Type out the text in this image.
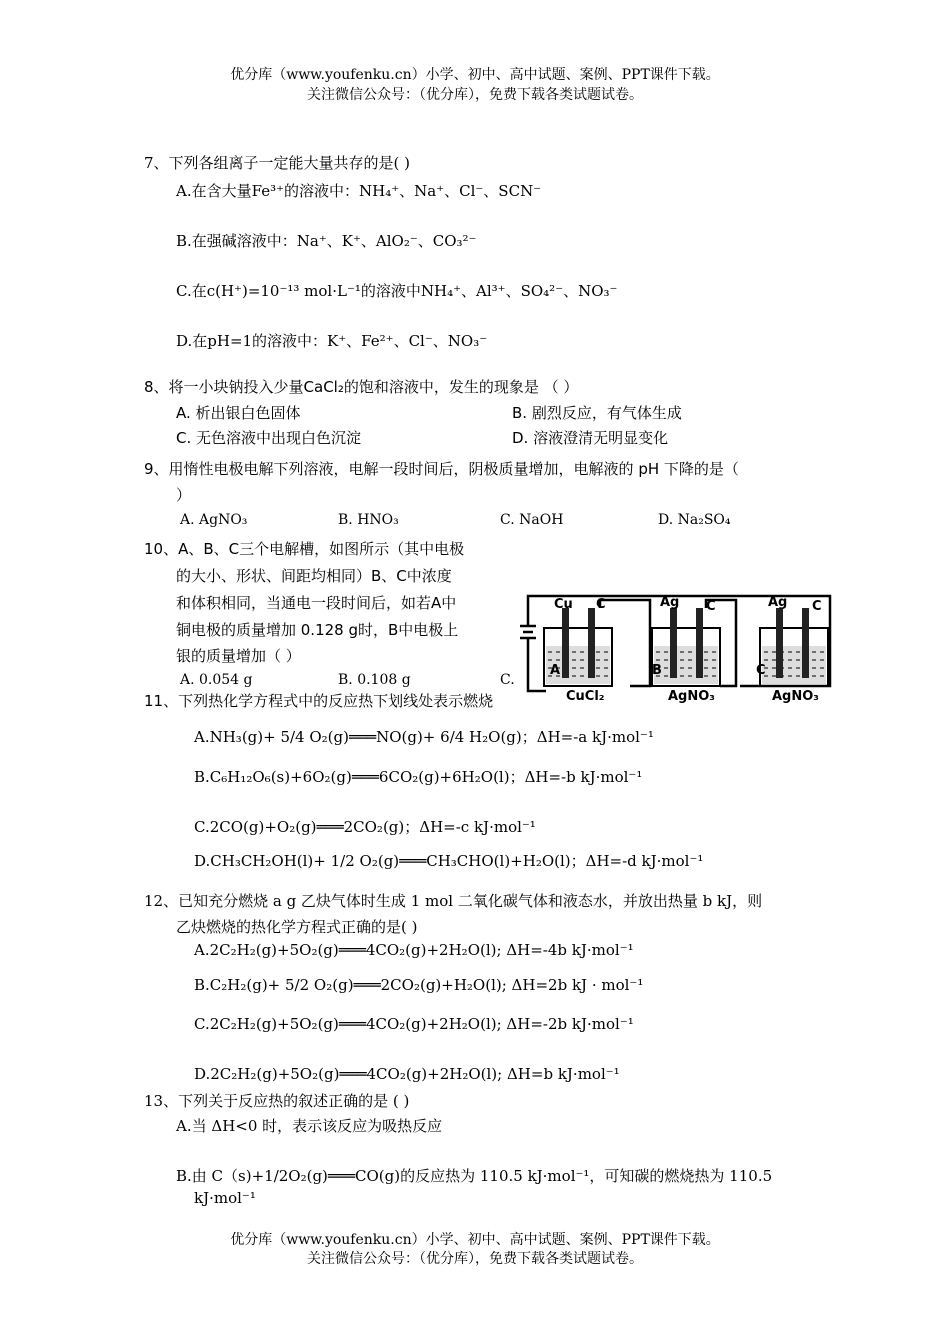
优分库（www.youfenku.cn）小学、初中、高中试题、案例、PPT课件下载。
关注微信公众号：（优分库），免费下载各类试题试卷。
7、下列各组离子一定能大量共存的是( )
A.在含大量Fe³⁺的溶液中：NH₄⁺、Na⁺、Cl⁻、SCN⁻
B.在强碱溶液中：Na⁺、K⁺、AlO₂⁻、CO₃²⁻
C.在c(H⁺)=10⁻¹³ mol·L⁻¹的溶液中NH₄⁺、Al³⁺、SO₄²⁻、NO₃⁻
D.在pH=1的溶液中：K⁺、Fe²⁺、Cl⁻、NO₃⁻
8、将一小块钠投入少量CaCl₂的饱和溶液中，发生的现象是 （ ）
A. 析出银白色固体	B. 剧烈反应，有气体生成
C. 无色溶液中出现白色沉淀	D. 溶液澄清无明显变化
9、用惰性电极电解下列溶液，电解一段时间后，阴极质量增加，电解液的 pH 下降的是（
）
A. AgNO₃	B. HNO₃	C. NaOH	D. Na₂SO₄
10、A、B、C三个电解槽，如图所示（其中电极
的大小、形状、间距均相同）B、C中浓度
和体积相同，当通电一段时间后，如若A中
铜电极的质量增加 0.128 g时，B中电极上
银的质量增加（ ）
A. 0.054 g	B. 0.108 g	C.
Cu C
A
CuCl₂
Ag C
B
AgNO₃
Ag C
C
AgNO₃
11、下列热化学方程式中的反应热下划线处表示燃烧
A.NH₃(g)+ 5/4 O₂(g)═══NO(g)+ 6/4 H₂O(g)；ΔH=-a kJ·mol⁻¹
B.C₆H₁₂O₆(s)+6O₂(g)═══6CO₂(g)+6H₂O(l)；ΔH=-b kJ·mol⁻¹
C.2CO(g)+O₂(g)═══2CO₂(g)；ΔH=-c kJ·mol⁻¹
D.CH₃CH₂OH(l)+ 1/2 O₂(g)═══CH₃CHO(l)+H₂O(l)；ΔH=-d kJ·mol⁻¹
12、已知充分燃烧 a g 乙炔气体时生成 1 mol 二氧化碳气体和液态水，并放出热量 b kJ，则
乙炔燃烧的热化学方程式正确的是( )
A.2C₂H₂(g)+5O₂(g)═══4CO₂(g)+2H₂O(l); ΔH=-4b kJ·mol⁻¹
B.C₂H₂(g)+ 5/2 O₂(g)═══2CO₂(g)+H₂O(l); ΔH=2b kJ · mol⁻¹
C.2C₂H₂(g)+5O₂(g)═══4CO₂(g)+2H₂O(l); ΔH=-2b kJ·mol⁻¹
D.2C₂H₂(g)+5O₂(g)═══4CO₂(g)+2H₂O(l); ΔH=b kJ·mol⁻¹
13、下列关于反应热的叙述正确的是 ( )
A.当 ΔH<0 时，表示该反应为吸热反应
B.由 C（s)+1/2O₂(g)═══CO(g)的反应热为 110.5 kJ·mol⁻¹，可知碳的燃烧热为 110.5
kJ·mol⁻¹
优分库（www.youfenku.cn）小学、初中、高中试题、案例、PPT课件下载。
关注微信公众号：（优分库），免费下载各类试题试卷。
